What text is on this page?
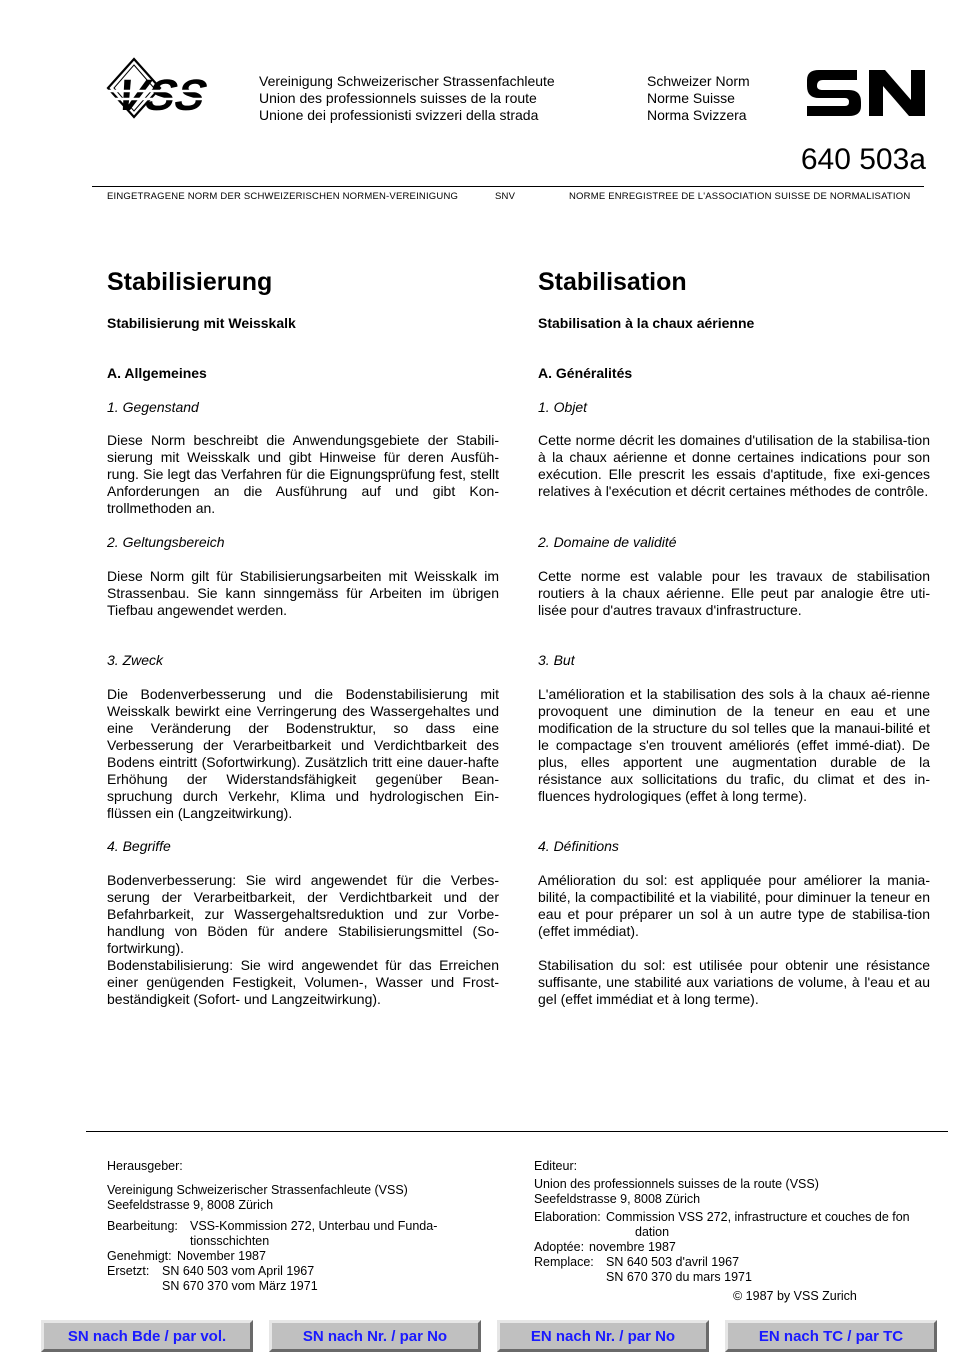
VSS	Vereinigung Schweizerischer Strassenfachleute
Union des professionnels suisses de la route
Unione dei professionisti svizzeri della strada
Schweizer Norm
Norme Suisse
Norma Svizzera
640 503a
EINGETRAGENE NORM DER SCHWEIZERISCHEN NORMEN-VEREINIGUNG	SNV	NORME ENREGISTREE DE L'ASSOCIATION SUISSE DE NORMALISATION
Stabilisierung
Stabilisierung mit Weisskalk
A. Allgemeines
1. Gegenstand

Diese Norm beschreibt die Anwendungsgebiete der Stabili-sierung mit Weisskalk und gibt Hinweise für deren Ausfüh-rung. Sie legt das Verfahren für die Eignungsprüfung fest, stellt Anforderungen an die Ausführung auf und gibt Kon-trollmethoden an.

2. Geltungsbereich

Diese Norm gilt für Stabilisierungsarbeiten mit Weisskalk im Strassenbau. Sie kann sinngemäss für Arbeiten im übrigen Tiefbau angewendet werden.

3. Zweck

Die Bodenverbesserung und die Bodenstabilisierung mit Weisskalk bewirkt eine Verringerung des Wassergehaltes und eine Veränderung der Bodenstruktur, so dass eine Verbesserung der Verarbeitbarkeit und Verdichtbarkeit des Bodens eintritt (Sofortwirkung). Zusätzlich tritt eine dauer-hafte Erhöhung der Widerstandsfähigkeit gegenüber Bean-spruchung durch Verkehr, Klima und hydrologischen Ein-flüssen ein (Langzeitwirkung).

4. Begriffe

Bodenverbesserung: Sie wird angewendet für die Verbes-serung der Verarbeitbarkeit, der Verdichtbarkeit und der Befahrbarkeit, zur Wassergehaltsreduktion und zur Vorbe-handlung von Böden für andere Stabilisierungsmittel (So-fortwirkung).

Bodenstabilisierung: Sie wird angewendet für das Erreichen einer genügenden Festigkeit, Volumen-, Wasser und Frost-beständigkeit (Sofort- und Langzeitwirkung).

Stabilisation
Stabilisation à la chaux aérienne
A. Généralités
1. Objet

Cette norme décrit les domaines d'utilisation de la stabilisa-tion à la chaux aérienne et donne certaines indications pour son exécution. Elle prescrit les essais d'aptitude, fixe exi-gences relatives à l'exécution et décrit certaines méthodes de contrôle.

2. Domaine de validité

Cette norme est valable pour les travaux de stabilisation routiers à la chaux aérienne. Elle peut par analogie être uti-lisée pour d'autres travaux d'infrastructure.

3. But

L'amélioration et la stabilisation des sols à la chaux aé-rienne provoquent une diminution de la teneur en eau et une modification de la structure du sol telles que la manaui-bilité et le compactage s'en trouvent améliorés (effet immé-diat). De plus, elles apportent une augmentation durable de la résistance aux sollicitations du trafic, du climat et des in-fluences hydrologiques (effet à long terme).

4. Définitions

Amélioration du sol: est appliquée pour améliorer la mania-bilité, la compactibilité et la viabilité, pour diminuer la teneur en eau et pour préparer un sol à un autre type de stabilisa-tion (effet immédiat).

Stabilisation du sol: est utilisée pour obtenir une résistance suffisante, une stabilité aux variations de volume, à l'eau et au gel (effet immédiat et à long terme).

Herausgeber:
Vereinigung Schweizerischer Strassenfachleute (VSS)
Seefeldstrasse 9, 8008 Zürich
Bearbeitung: VSS-Kommission 272, Unterbau und Funda-
tionsschichten
Genehmigt: November 1987
Ersetzt:	SN 640 503 vom April 1967
SN 670 370 vom März 1971
Editeur:
Union des professionnels suisses de la route (VSS)
Seefeldstrasse 9, 8008 Zürich
Elaboration: Commission VSS 272, infrastructure et couches de fon
dation
Adoptée: novembre 1987
Remplace: SN 640 503 d'avril 1967
SN 670 370 du mars 1971
© 1987 by VSS Zurich
SN nach Bde / par vol.	SN nach Nr. / par No	EN nach Nr. / par No	EN nach TC / par TC
